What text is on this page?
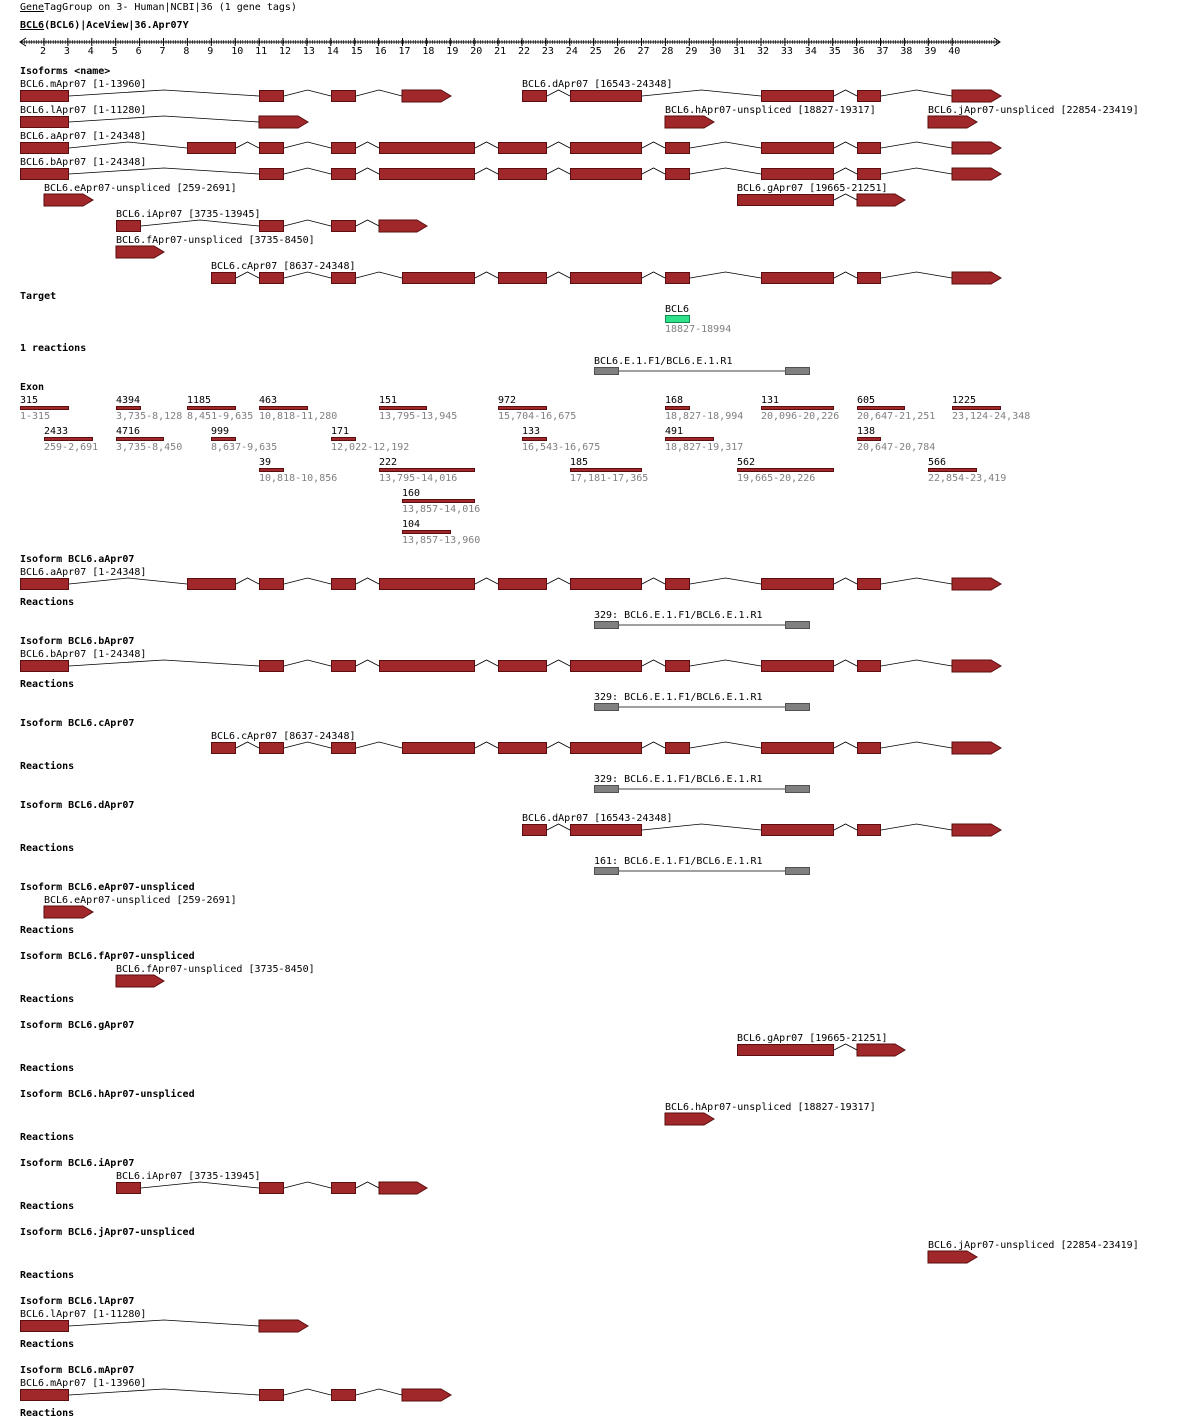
GeneTagGroup on 3- Human|NCBI|36 (1 gene tags)
BCL6(BCL6)|AceView|36.Apr07Y
2 3 4 5 6 7 8 9 10 11 12 13 14 15 16 17 18 19 20 21 22 23 24 25 26 27 28 29 30 31 32 33 34 35 36 37 38 39 40
Isoforms <name>
Target
1 reactions
Exon
BCL6.mApr07 [1-13960]	BCL6.dApr07 [16543-24348]
BCL6.lApr07 [1-11280]	BCL6.hApr07-unspliced [18827-19317]	BCL6.jApr07-unspliced [22854-23419]
BCL6.aApr07 [1-24348]
BCL6.bApr07 [1-24348]
BCL6.eApr07-unspliced [259-2691]	BCL6.gApr07 [19665-21251]
BCL6.iApr07 [3735-13945]
BCL6.fApr07-unspliced [3735-8450]
BCL6.cApr07 [8637-24348]
BCL6
18827-18994
BCL6.E.1.F1/BCL6.E.1.R1
315
1-315
4394
3,735-8,128
1185
8,451-9,635
463
10,818-11,280
151
13,795-13,945
972
15,704-16,675
168
18,827-18,994
131
20,096-20,226
605
20,647-21,251
1225
23,124-24,348
2433
259-2,691
4716
3,735-8,450
999
8,637-9,635
171
12,022-12,192
133
16,543-16,675
491
18,827-19,317
138
20,647-20,784
39
10,818-10,856
222
13,795-14,016
185
17,181-17,365
562
19,665-20,226
566
22,854-23,419
160
13,857-14,016
104
13,857-13,960
Isoform BCL6.aApr07
BCL6.aApr07 [1-24348]
Reactions
329: BCL6.E.1.F1/BCL6.E.1.R1
Isoform BCL6.bApr07
BCL6.bApr07 [1-24348]
Reactions
329: BCL6.E.1.F1/BCL6.E.1.R1
Isoform BCL6.cApr07
BCL6.cApr07 [8637-24348]
Reactions
329: BCL6.E.1.F1/BCL6.E.1.R1
Isoform BCL6.dApr07
BCL6.dApr07 [16543-24348]
Reactions
161: BCL6.E.1.F1/BCL6.E.1.R1
Isoform BCL6.eApr07-unspliced
BCL6.eApr07-unspliced [259-2691]
Reactions
Isoform BCL6.fApr07-unspliced
BCL6.fApr07-unspliced [3735-8450]
Reactions
Isoform BCL6.gApr07
BCL6.gApr07 [19665-21251]
Reactions
Isoform BCL6.hApr07-unspliced
BCL6.hApr07-unspliced [18827-19317]
Reactions
Isoform BCL6.iApr07
BCL6.iApr07 [3735-13945]
Reactions
Isoform BCL6.jApr07-unspliced
BCL6.jApr07-unspliced [22854-23419]
Reactions
Isoform BCL6.lApr07
BCL6.lApr07 [1-11280]
Reactions
Isoform BCL6.mApr07
BCL6.mApr07 [1-13960]
Reactions
